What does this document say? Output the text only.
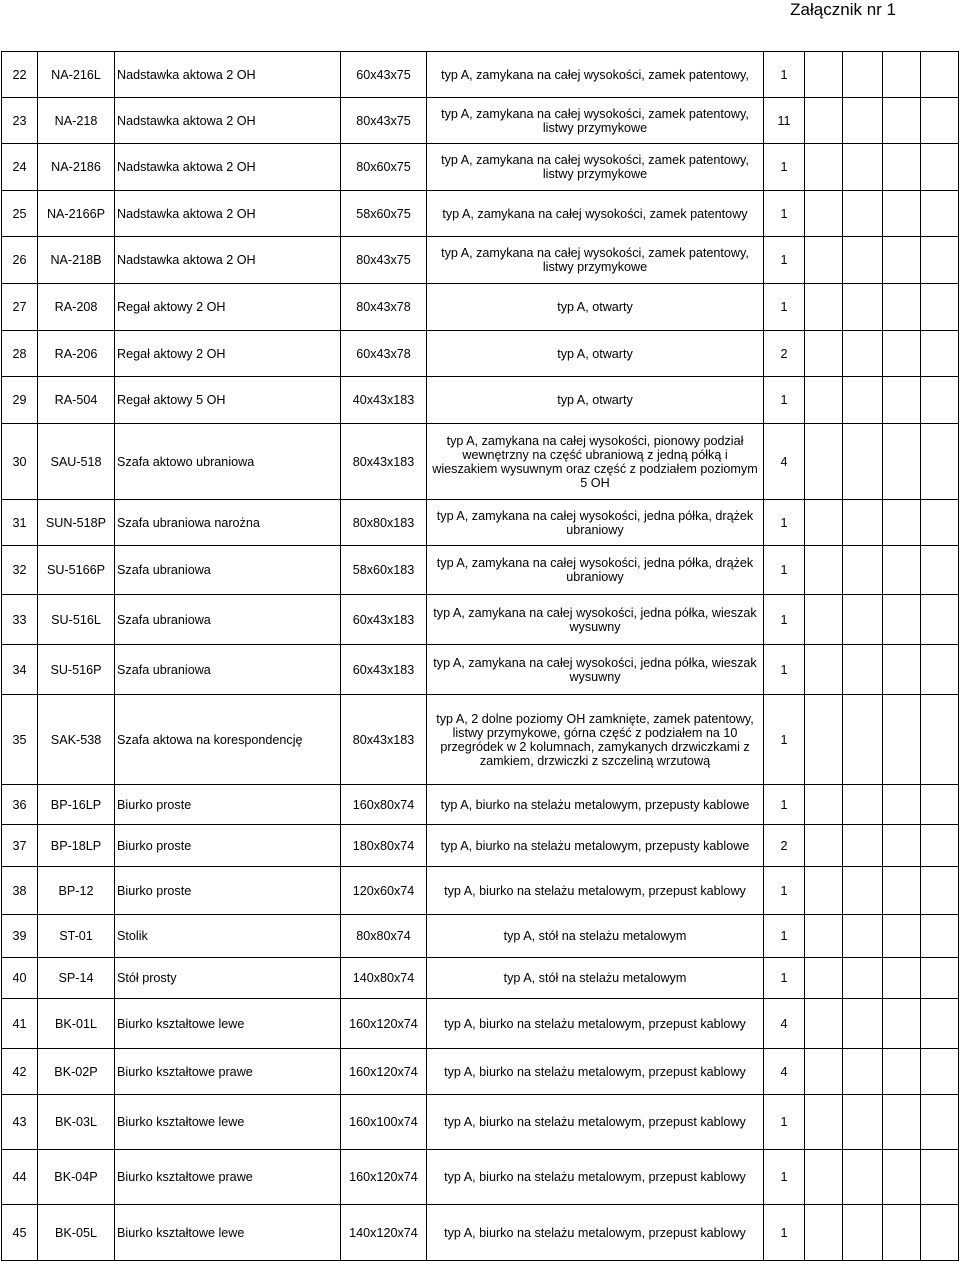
Załącznik nr 1
22	NA-216L	Nadstawka aktowa 2 OH	60x43x75	typ A, zamykana na całej wysokości, zamek patentowy,	1				
23	NA-218	Nadstawka aktowa 2 OH	80x43x75	typ A, zamykana na całej wysokości, zamek patentowy, listwy przymykowe	11				
24	NA-2186	Nadstawka aktowa 2 OH	80x60x75	typ A, zamykana na całej wysokości, zamek patentowy, listwy przymykowe	1				
25	NA-2166P	Nadstawka aktowa 2 OH	58x60x75	typ A, zamykana na całej wysokości, zamek patentowy	1				
26	NA-218B	Nadstawka aktowa 2 OH	80x43x75	typ A, zamykana na całej wysokości, zamek patentowy, listwy przymykowe	1				
27	RA-208	Regał aktowy 2 OH	80x43x78	typ A, otwarty	1				
28	RA-206	Regał aktowy 2 OH	60x43x78	typ A, otwarty	2				
29	RA-504	Regał aktowy 5 OH	40x43x183	typ A, otwarty	1				
30	SAU-518	Szafa aktowo ubraniowa	80x43x183	typ A, zamykana na całej wysokości, pionowy podział wewnętrzny na część ubraniową z jedną półką i wieszakiem wysuwnym oraz część z podziałem poziomym 5 OH	4				
31	SUN-518P	Szafa ubraniowa narożna	80x80x183	typ A, zamykana na całej wysokości, jedna półka, drążek ubraniowy	1				
32	SU-5166P	Szafa ubraniowa	58x60x183	typ A, zamykana na całej wysokości, jedna półka, drążek ubraniowy	1				
33	SU-516L	Szafa ubraniowa	60x43x183	typ A, zamykana na całej wysokości, jedna półka, wieszak wysuwny	1				
34	SU-516P	Szafa ubraniowa	60x43x183	typ A, zamykana na całej wysokości, jedna półka, wieszak wysuwny	1				
35	SAK-538	Szafa aktowa na korespondencję	80x43x183	typ A, 2 dolne poziomy OH zamknięte, zamek patentowy, listwy przymykowe, górna część z podziałem na 10 przegródek w 2 kolumnach, zamykanych drzwiczkami z zamkiem, drzwiczki z szczeliną wrzutową	1				
36	BP-16LP	Biurko proste	160x80x74	typ A, biurko na stelażu metalowym, przepusty kablowe	1				
37	BP-18LP	Biurko proste	180x80x74	typ A, biurko na stelażu metalowym, przepusty kablowe	2				
38	BP-12	Biurko proste	120x60x74	typ A, biurko na stelażu metalowym, przepust kablowy	1				
39	ST-01	Stolik	80x80x74	typ A, stół na stelażu metalowym	1				
40	SP-14	Stół prosty	140x80x74	typ A, stół na stelażu metalowym	1				
41	BK-01L	Biurko kształtowe lewe	160x120x74	typ A, biurko na stelażu metalowym, przepust kablowy	4				
42	BK-02P	Biurko kształtowe prawe	160x120x74	typ A, biurko na stelażu metalowym, przepust kablowy	4				
43	BK-03L	Biurko kształtowe lewe	160x100x74	typ A, biurko na stelażu metalowym, przepust kablowy	1				
44	BK-04P	Biurko kształtowe prawe	160x120x74	typ A, biurko na stelażu metalowym, przepust kablowy	1				
45	BK-05L	Biurko kształtowe lewe	140x120x74	typ A, biurko na stelażu metalowym, przepust kablowy	1				
